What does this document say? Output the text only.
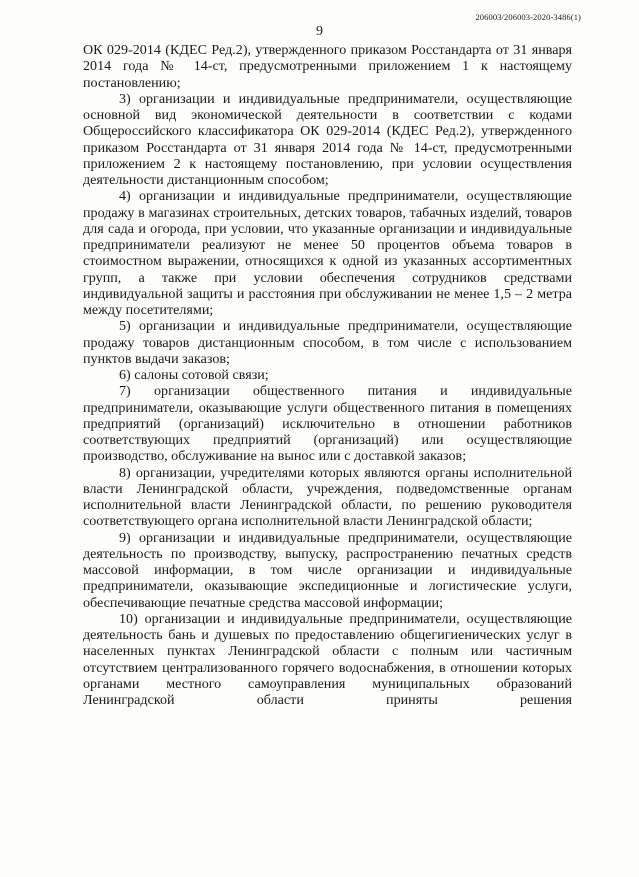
206003/206003-2020-3486(1)
9

ОК 029-2014 (КДЕС Ред.2), утвержденного приказом Росстандарта от 31 января 2014 года № 14-ст, предусмотренными приложением 1 к настоящему постановлению;

3) организации и индивидуальные предприниматели, осуществляющие основной вид экономической деятельности в соответствии с кодами Общероссийского классификатора ОК 029-2014 (КДЕС Ред.2), утвержденного приказом Росстандарта от 31 января 2014 года № 14-ст, предусмотренными приложением 2 к настоящему постановлению, при условии осуществления деятельности дистанционным способом;

4) организации и индивидуальные предприниматели, осуществляющие продажу в магазинах строительных, детских товаров, табачных изделий, товаров для сада и огорода, при условии, что указанные организации и индивидуальные предприниматели реализуют не менее 50 процентов объема товаров в стоимостном выражении, относящихся к одной из указанных ассортиментных групп, а также при условии обеспечения сотрудников средствами индивидуальной защиты и расстояния при обслуживании не менее 1,5 – 2 метра между посетителями;

5) организации и индивидуальные предприниматели, осуществляющие продажу товаров дистанционным способом, в том числе с использованием пунктов выдачи заказов;

6) салоны сотовой связи;

7) организации общественного питания и индивидуальные предприниматели, оказывающие услуги общественного питания в помещениях предприятий (организаций) исключительно в отношении работников соответствующих предприятий (организаций) или осуществляющие производство, обслуживание на вынос или с доставкой заказов;

8) организации, учредителями которых являются органы исполнительной власти Ленинградской области, учреждения, подведомственные органам исполнительной власти Ленинградской области, по решению руководителя соответствующего органа исполнительной власти Ленинградской области;

9) организации и индивидуальные предприниматели, осуществляющие деятельность по производству, выпуску, распространению печатных средств массовой информации, в том числе организации и индивидуальные предприниматели, оказывающие экспедиционные и логистические услуги, обеспечивающие печатные средства массовой информации;

10) организации и индивидуальные предприниматели, осуществляющие деятельность бань и душевых по предоставлению общегигиенических услуг в населенных пунктах Ленинградской области с полным или частичным отсутствием централизованного горячего водоснабжения, в отношении которых органами местного самоуправления муниципальных образований Ленинградской области приняты решения
